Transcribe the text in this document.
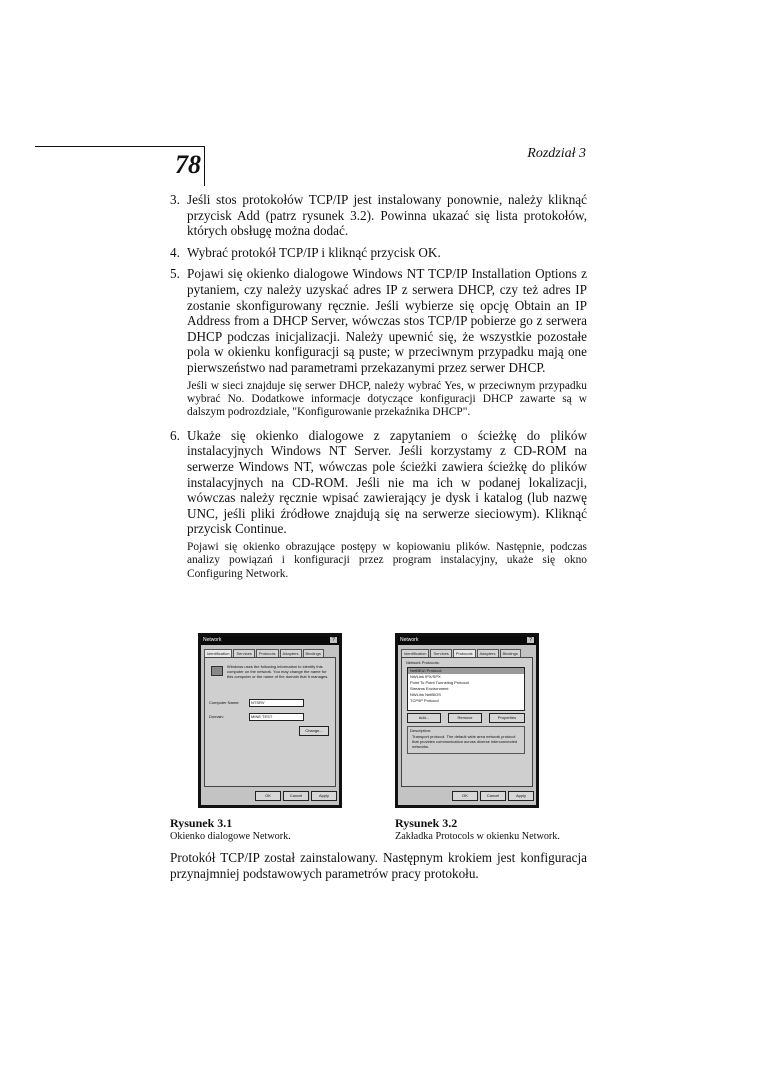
78	Rozdział 3
3. Jeśli stos protokołów TCP/IP jest instalowany ponownie, należy kliknąć przycisk Add (patrz rysunek 3.2). Powinna ukazać się lista protokołów, których obsługę można dodać.
4. Wybrać protokół TCP/IP i kliknąć przycisk OK.
5. Pojawi się okienko dialogowe Windows NT TCP/IP Installation Options z pytaniem, czy należy uzyskać adres IP z serwera DHCP, czy też adres IP zostanie skonfigurowany ręcznie. Jeśli wybierze się opcję Obtain an IP Address from a DHCP Server, wówczas stos TCP/IP pobierze go z serwera DHCP podczas inicjalizacji. Należy upewnić się, że wszystkie pozostałe pola w okienku konfiguracji są puste; w przeciwnym przypadku mają one pierwszeństwo nad parametrami przekazanymi przez serwer DHCP.

Jeśli w sieci znajduje się serwer DHCP, należy wybrać Yes, w przeciwnym przypadku wybrać No. Dodatkowe informacje dotyczące konfiguracji DHCP zawarte są w dalszym podrozdziale, "Konfigurowanie przekaźnika DHCP".

6. Ukaże się okienko dialogowe z zapytaniem o ścieżkę do plików instalacyjnych Windows NT Server. Jeśli korzystamy z CD-ROM na serwerze Windows NT, wówczas pole ścieżki zawiera ścieżkę do plików instalacyjnych na CD-ROM. Jeśli nie ma ich w podanej lokalizacji, wówczas należy ręcznie wpisać zawierający je dysk i katalog (lub nazwę UNC, jeśli pliki źródłowe znajdują się na serwerze sieciowym). Kliknąć przycisk Continue.

Pojawi się okienko obrazujące postępy w kopiowaniu plików. Następnie, podczas analizy powiązań i konfiguracji przez program instalacyjny, ukaże się okno Configuring Network.

Network	?
Identification	Services	Protocols	Adapters	Bindings
Windows uses the following information to identify this computer on the network. You may change the name for this computer or the name of the domain that it manages.
Computer Name:	NTSRV
Domain:	MINE TEST
Change...
OK	Cancel	Apply
Network	?
Identification	Services	Protocols	Adapters	Bindings
Network Protocols:
NetBEUI Protocol
NWLink IPX/SPX
Point To Point Tunneling Protocol
Streams Environment
NWLink NetBIOS
TCP/IP Protocol
Add...	Remove	Properties
Description:
Transport protocol. The default wide area network protocol that provides communication across diverse interconnected networks.
OK	Cancel	Apply
Rysunek 3.1
Okienko dialogowe Network.
Rysunek 3.2
Zakładka Protocols w okienku Network.
Protokół TCP/IP został zainstalowany. Następnym krokiem jest konfiguracja przynajmniej podstawowych parametrów pracy protokołu.
